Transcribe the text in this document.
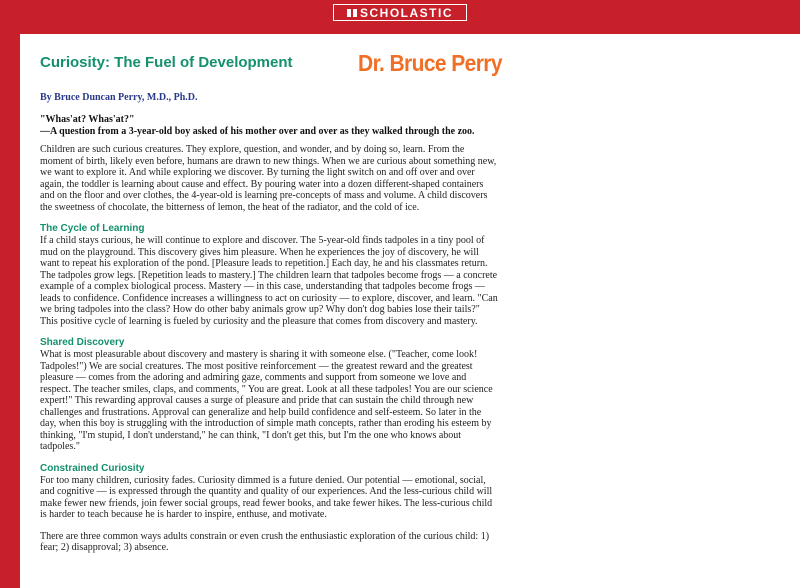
SCHOLASTIC
Curiosity: The Fuel of Development	Dr. Bruce Perry
By Bruce Duncan Perry, M.D., Ph.D.
"Whas'at? Whas'at?"
—A question from a 3-year-old boy asked of his mother over and over as they walked through the zoo.

Children are such curious creatures. They explore, question, and wonder, and by doing so, learn. From the moment of birth, likely even before, humans are drawn to new things. When we are curious about something new, we want to explore it. And while exploring we discover. By turning the light switch on and off over and over again, the toddler is learning about cause and effect. By pouring water into a dozen different-shaped containers and on the floor and over clothes, the 4-year-old is learning pre-concepts of mass and volume. A child discovers the sweetness of chocolate, the bitterness of lemon, the heat of the radiator, and the cold of ice.

The Cycle of Learning

If a child stays curious, he will continue to explore and discover. The 5-year-old finds tadpoles in a tiny pool of mud on the playground. This discovery gives him pleasure. When he experiences the joy of discovery, he will want to repeat his exploration of the pond. [Pleasure leads to repetition.] Each day, he and his classmates return. The tadpoles grow legs. [Repetition leads to mastery.] The children learn that tadpoles become frogs — a concrete example of a complex biological process. Mastery — in this case, understanding that tadpoles become frogs — leads to confidence. Confidence increases a willingness to act on curiosity — to explore, discover, and learn. "Can we bring tadpoles into the class? How do other baby animals grow up? Why don't dog babies lose their tails?" This positive cycle of learning is fueled by curiosity and the pleasure that comes from discovery and mastery.

Shared Discovery

What is most pleasurable about discovery and mastery is sharing it with someone else. ("Teacher, come look! Tadpoles!") We are social creatures. The most positive reinforcement — the greatest reward and the greatest pleasure — comes from the adoring and admiring gaze, comments and support from someone we love and respect. The teacher smiles, claps, and comments, " You are great. Look at all these tadpoles! You are our science expert!" This rewarding approval causes a surge of pleasure and pride that can sustain the child through new challenges and frustrations. Approval can generalize and help build confidence and self-esteem. So later in the day, when this boy is struggling with the introduction of simple math concepts, rather than eroding his esteem by thinking, "I'm stupid, I don't understand," he can think, "I don't get this, but I'm the one who knows about tadpoles."

Constrained Curiosity

For too many children, curiosity fades. Curiosity dimmed is a future denied. Our potential — emotional, social, and cognitive — is expressed through the quantity and quality of our experiences. And the less-curious child will make fewer new friends, join fewer social groups, read fewer books, and take fewer hikes. The less-curious child is harder to teach because he is harder to inspire, enthuse, and motivate.

There are three common ways adults constrain or even crush the enthusiastic exploration of the curious child: 1) fear; 2) disapproval; 3) absence.
